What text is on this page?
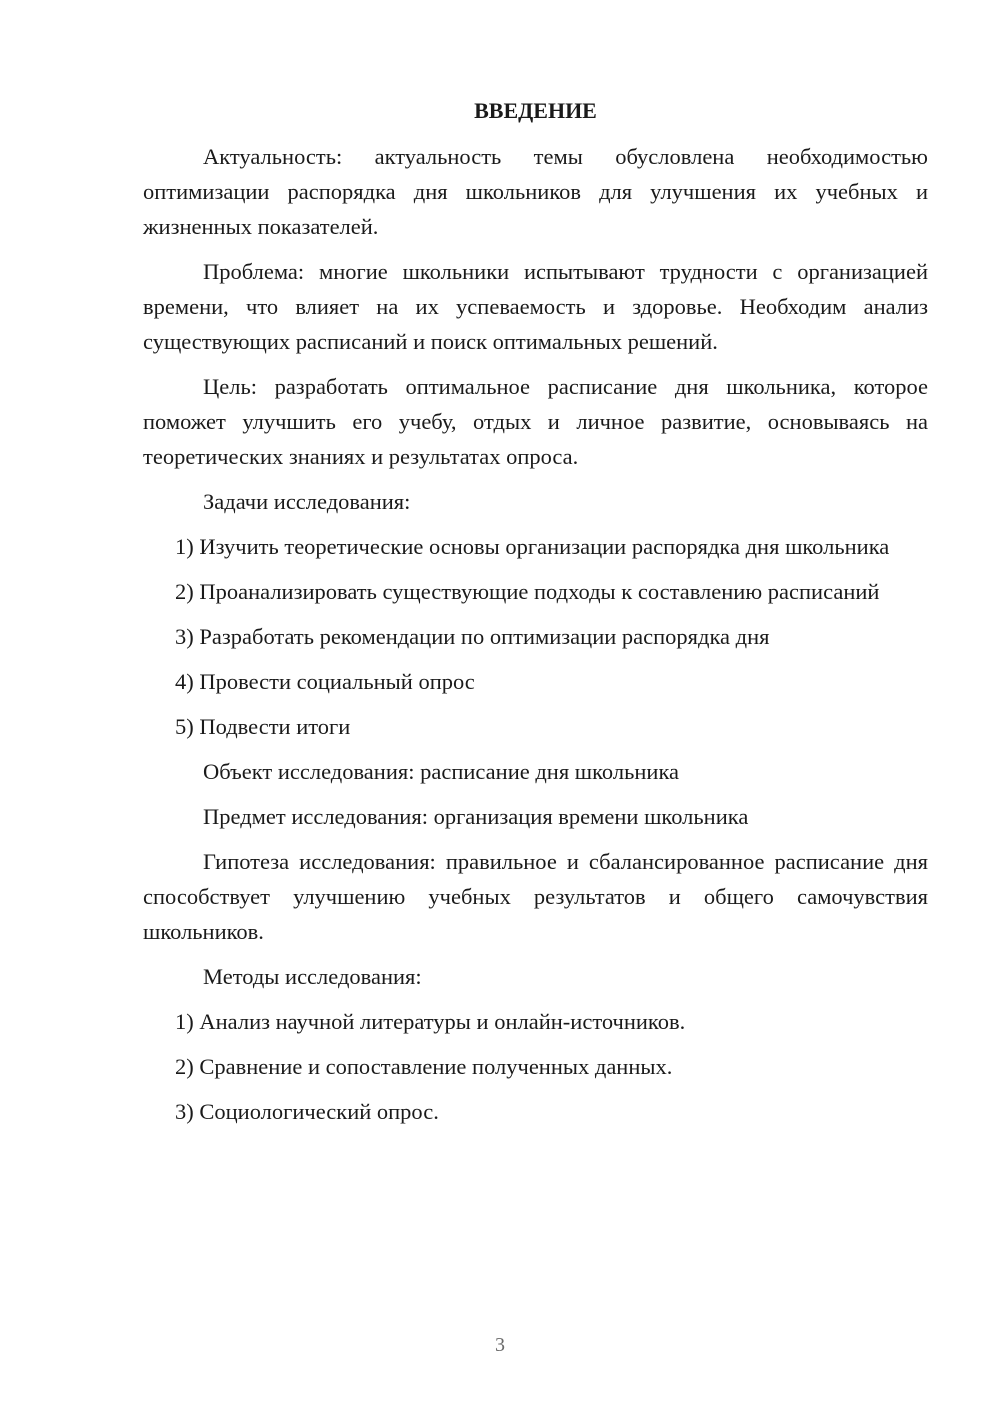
ВВЕДЕНИЕ

Актуальность: актуальность темы обусловлена необходимостью оптимизации распорядка дня школьников для улучшения их учебных и жизненных показателей.

Проблема: многие школьники испытывают трудности с организацией времени, что влияет на их успеваемость и здоровье. Необходим анализ существующих расписаний и поиск оптимальных решений.

Цель: разработать оптимальное расписание дня школьника, которое поможет улучшить его учебу, отдых и личное развитие, основываясь на теоретических знаниях и результатах опроса.

Задачи исследования:

1) Изучить теоретические основы организации распорядка дня школьника

2) Проанализировать существующие подходы к составлению расписаний

3) Разработать рекомендации по оптимизации распорядка дня

4) Провести социальный опрос

5) Подвести итоги

Объект исследования: расписание дня школьника

Предмет исследования: организация времени школьника

Гипотеза исследования: правильное и сбалансированное расписание дня способствует улучшению учебных результатов и общего самочувствия школьников.

Методы исследования:

1) Анализ научной литературы и онлайн-источников.

2) Сравнение и сопоставление полученных данных.

3) Социологический опрос.

3
